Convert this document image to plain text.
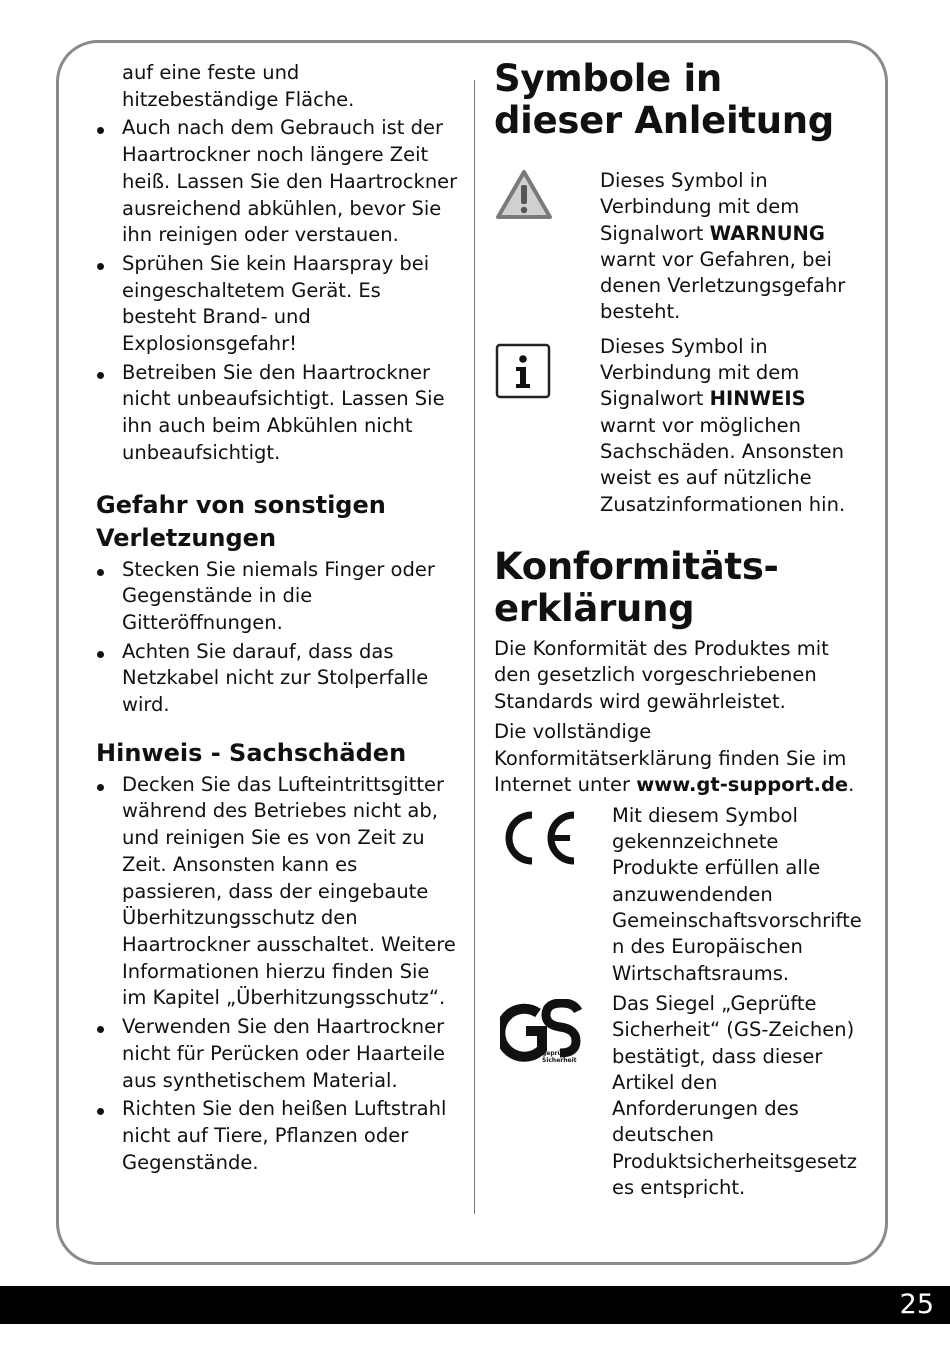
auf eine feste und hitzebeständige Fläche.

Auch nach dem Gebrauch ist der Haartrockner noch längere Zeit heiß. Lassen Sie den Haartrockner ausreichend abkühlen, bevor Sie ihn reinigen oder verstauen.
Sprühen Sie kein Haarspray bei eingeschaltetem Gerät. Es besteht Brand- und Explosionsgefahr!
Betreiben Sie den Haartrockner nicht unbeaufsichtigt. Lassen Sie ihn auch beim Abkühlen nicht unbeaufsichtigt.
Gefahr von sonstigen Verletzungen
Stecken Sie niemals Finger oder Gegenstände in die Gitteröffnungen.
Achten Sie darauf, dass das Netzkabel nicht zur Stolperfalle wird.
Hinweis - Sachschäden
Decken Sie das Lufteintrittsgitter während des Betriebes nicht ab, und reinigen Sie es von Zeit zu Zeit. Ansonsten kann es passieren, dass der eingebaute Überhitzungsschutz den Haartrockner ausschaltet. Weitere Informationen hierzu finden Sie im Kapitel „Überhitzungsschutz“.
Verwenden Sie den Haartrockner nicht für Perücken oder Haarteile aus synthetischem Material.
Richten Sie den heißen Luftstrahl nicht auf Tiere, Pflanzen oder Gegenstände.
Symbole in dieser Anleitung

Dieses Symbol in Verbindung mit dem Signalwort WARNUNG warnt vor Gefahren, bei denen Verletzungsgefahr besteht.

Dieses Symbol in Verbindung mit dem Signalwort HINWEIS warnt vor möglichen Sachschäden. Ansonsten weist es auf nützliche Zusatzinformationen hin.

Konformitäts-
erklärung

Die Konformität des Produktes mit den gesetzlich vorgeschriebenen Standards wird gewährleistet.

Die vollständige Konformitätserklärung finden Sie im Internet unter www.gt-support.de.

Mit diesem Symbol
gekennzeichnete
Produkte erfüllen alle
anzuwendenden
Gemeinschaftsvorschrifte
n des Europäischen
Wirtschaftsraums.
geprüfte
Sicherheit
Das Siegel „Geprüfte
Sicherheit“ (GS-Zeichen)
bestätigt, dass dieser
Artikel den
Anforderungen des
deutschen
Produktsicherheitsgesetz
es entspricht.
25
